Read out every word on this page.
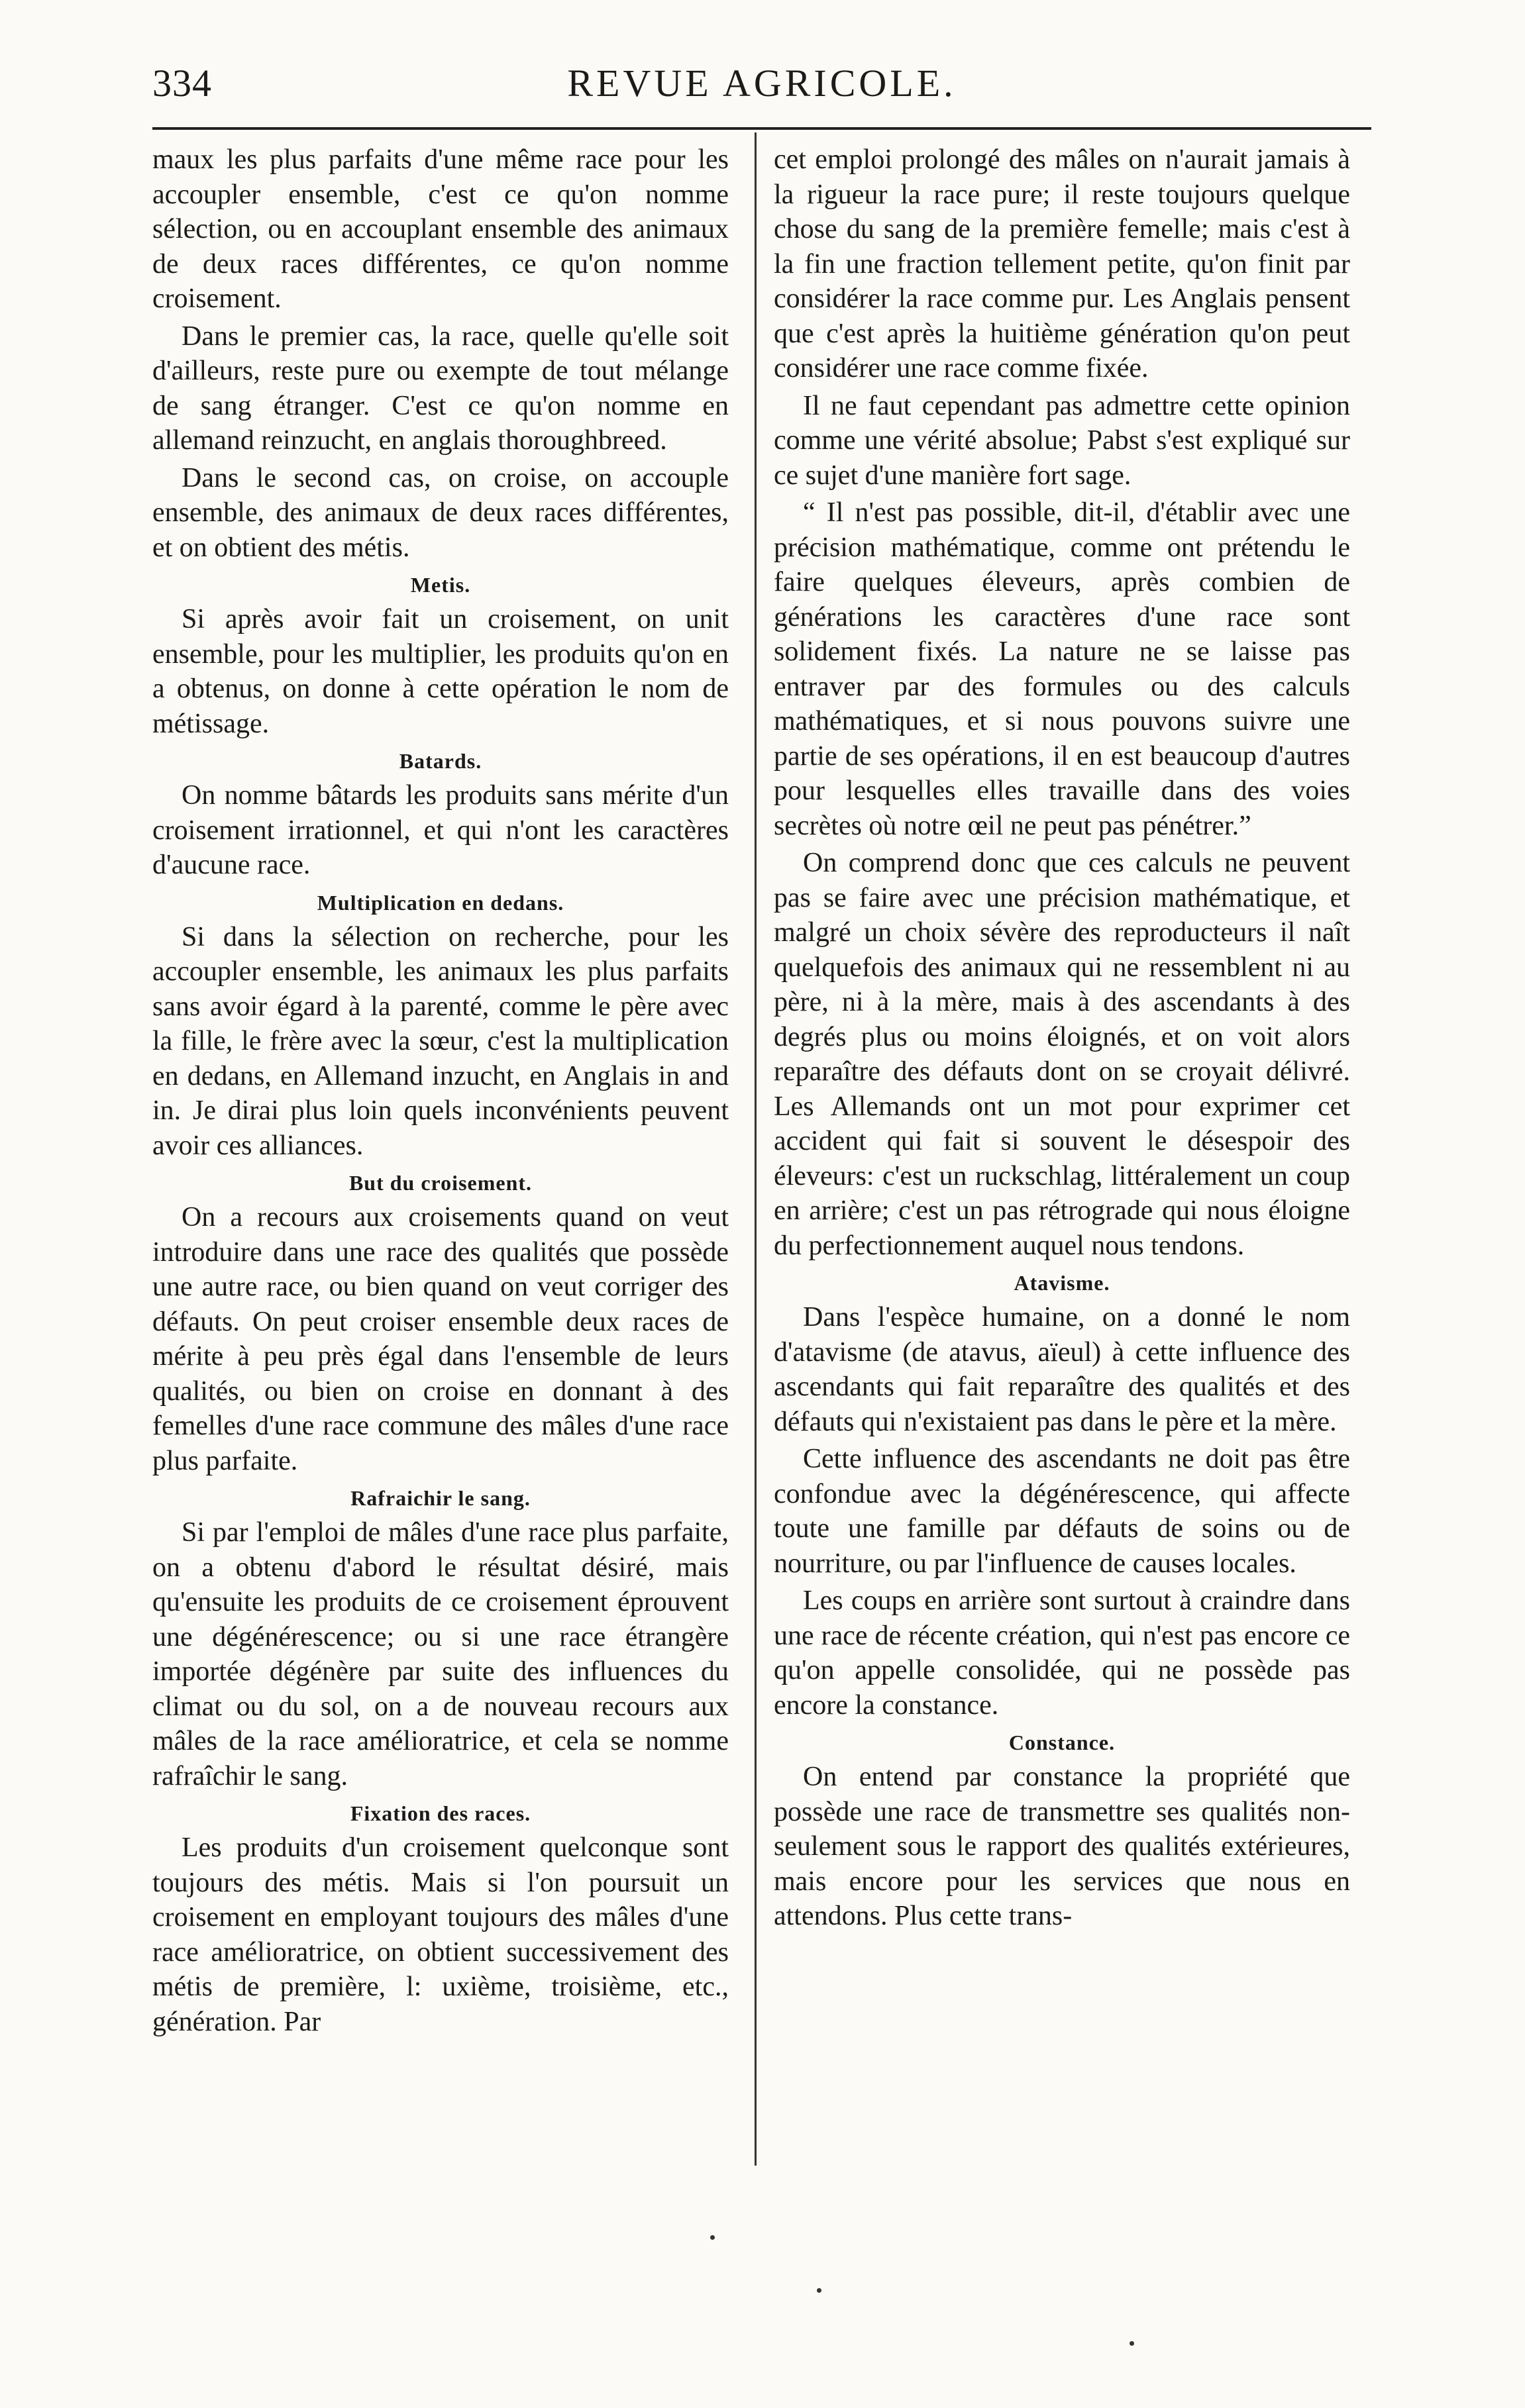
334	REVUE AGRICOLE.

maux les plus parfaits d'une même race pour les accoupler ensemble, c'est ce qu'on nomme sélection, ou en accouplant ensemble des animaux de deux races différentes, ce qu'on nomme croisement.

Dans le premier cas, la race, quelle qu'elle soit d'ailleurs, reste pure ou exempte de tout mélange de sang étranger. C'est ce qu'on nomme en allemand reinzucht, en anglais thoroughbreed.

Dans le second cas, on croise, on accouple ensemble, des animaux de deux races différentes, et on obtient des métis.

Metis.

Si après avoir fait un croisement, on unit ensemble, pour les multiplier, les produits qu'on en a obtenus, on donne à cette opération le nom de métissage.

Batards.

On nomme bâtards les produits sans mérite d'un croisement irrationnel, et qui n'ont les caractères d'aucune race.

Multiplication en dedans.

Si dans la sélection on recherche, pour les accoupler ensemble, les animaux les plus parfaits sans avoir égard à la parenté, comme le père avec la fille, le frère avec la sœur, c'est la multiplication en dedans, en Allemand inzucht, en Anglais in and in. Je dirai plus loin quels inconvénients peuvent avoir ces alliances.

But du croisement.

On a recours aux croisements quand on veut introduire dans une race des qualités que possède une autre race, ou bien quand on veut corriger des défauts. On peut croiser ensemble deux races de mérite à peu près égal dans l'ensemble de leurs qualités, ou bien on croise en donnant à des femelles d'une race commune des mâles d'une race plus parfaite.

Rafraichir le sang.

Si par l'emploi de mâles d'une race plus parfaite, on a obtenu d'abord le résultat désiré, mais qu'ensuite les produits de ce croisement éprouvent une dégénérescence; ou si une race étrangère importée dégénère par suite des influences du climat ou du sol, on a de nouveau recours aux mâles de la race amélioratrice, et cela se nomme rafraîchir le sang.

Fixation des races.

Les produits d'un croisement quelconque sont toujours des métis. Mais si l'on poursuit un croisement en employant toujours des mâles d'une race amélioratrice, on obtient successivement des métis de première, l: uxième, troisième, etc., génération. Par

cet emploi prolongé des mâles on n'aurait jamais à la rigueur la race pure; il reste toujours quelque chose du sang de la première femelle; mais c'est à la fin une fraction tellement petite, qu'on finit par considérer la race comme pur. Les Anglais pensent que c'est après la huitième génération qu'on peut considérer une race comme fixée.

Il ne faut cependant pas admettre cette opinion comme une vérité absolue; Pabst s'est expliqué sur ce sujet d'une manière fort sage.

“ Il n'est pas possible, dit-il, d'établir avec une précision mathématique, comme ont prétendu le faire quelques éleveurs, après combien de générations les caractères d'une race sont solidement fixés. La nature ne se laisse pas entraver par des formules ou des calculs mathématiques, et si nous pouvons suivre une partie de ses opérations, il en est beaucoup d'autres pour lesquelles elles travaille dans des voies secrètes où notre œil ne peut pas pénétrer.”

On comprend donc que ces calculs ne peuvent pas se faire avec une précision mathématique, et malgré un choix sévère des reproducteurs il naît quelquefois des animaux qui ne ressemblent ni au père, ni à la mère, mais à des ascendants à des degrés plus ou moins éloignés, et on voit alors reparaître des défauts dont on se croyait délivré. Les Allemands ont un mot pour exprimer cet accident qui fait si souvent le désespoir des éleveurs: c'est un ruckschlag, littéralement un coup en arrière; c'est un pas rétrograde qui nous éloigne du perfectionnement auquel nous tendons.

Atavisme.

Dans l'espèce humaine, on a donné le nom d'atavisme (de atavus, aïeul) à cette influence des ascendants qui fait reparaître des qualités et des défauts qui n'existaient pas dans le père et la mère.

Cette influence des ascendants ne doit pas être confondue avec la dégénérescence, qui affecte toute une famille par défauts de soins ou de nourriture, ou par l'influence de causes locales.

Les coups en arrière sont surtout à craindre dans une race de récente création, qui n'est pas encore ce qu'on appelle consolidée, qui ne possède pas encore la constance.

Constance.

On entend par constance la propriété que possède une race de transmettre ses qualités non-seulement sous le rapport des qualités extérieures, mais encore pour les services que nous en attendons. Plus cette trans-
